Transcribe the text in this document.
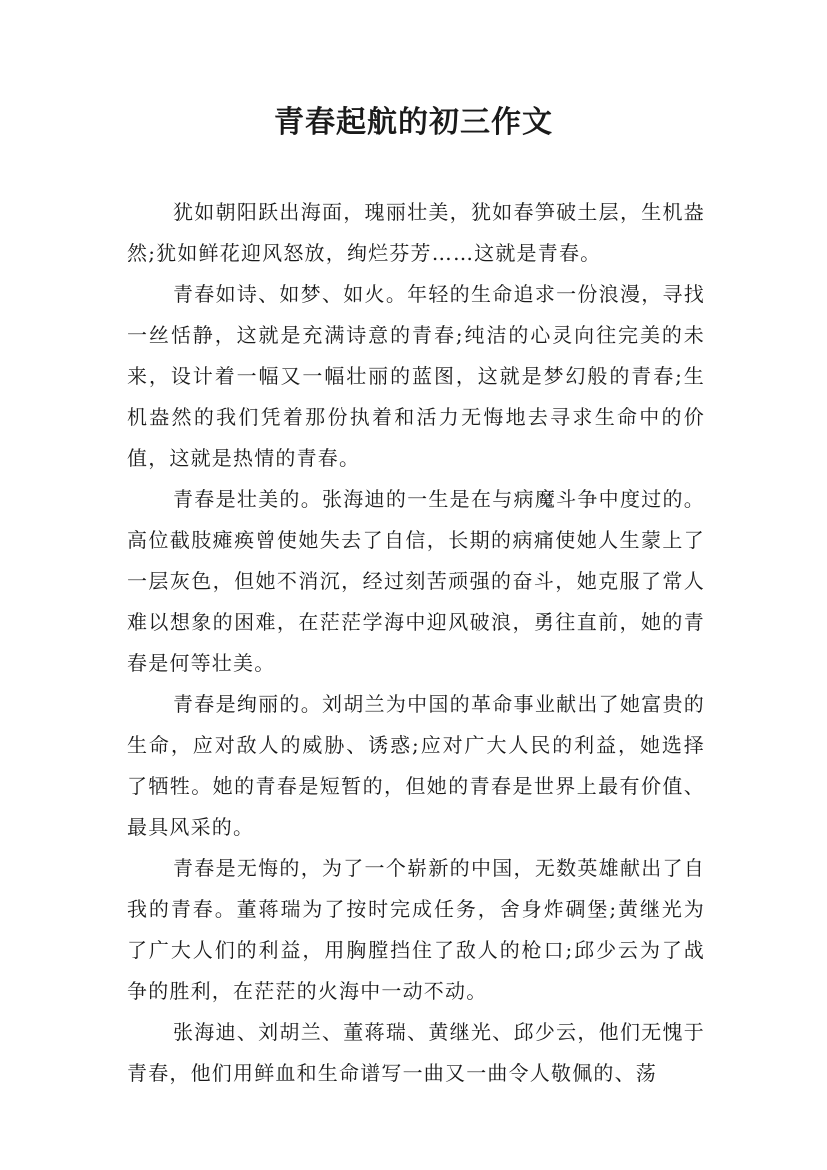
青春起航的初三作文

犹如朝阳跃出海面，瑰丽壮美，犹如春笋破土层，生机盎然;犹如鲜花迎风怒放，绚烂芬芳……这就是青春。

青春如诗、如梦、如火。年轻的生命追求一份浪漫，寻找一丝恬静，这就是充满诗意的青春;纯洁的心灵向往完美的未来，设计着一幅又一幅壮丽的蓝图，这就是梦幻般的青春;生机盎然的我们凭着那份执着和活力无悔地去寻求生命中的价值，这就是热情的青春。

青春是壮美的。张海迪的一生是在与病魔斗争中度过的。高位截肢瘫痪曾使她失去了自信，长期的病痛使她人生蒙上了一层灰色，但她不消沉，经过刻苦顽强的奋斗，她克服了常人难以想象的困难，在茫茫学海中迎风破浪，勇往直前，她的青春是何等壮美。

青春是绚丽的。刘胡兰为中国的革命事业献出了她富贵的生命，应对敌人的威胁、诱惑;应对广大人民的利益，她选择了牺牲。她的青春是短暂的，但她的青春是世界上最有价值、最具风采的。

青春是无悔的，为了一个崭新的中国，无数英雄献出了自我的青春。董蒋瑞为了按时完成任务，舍身炸碉堡;黄继光为了广大人们的利益，用胸膛挡住了敌人的枪口;邱少云为了战争的胜利，在茫茫的火海中一动不动。

张海迪、刘胡兰、董蒋瑞、黄继光、邱少云，他们无愧于青春，他们用鲜血和生命谱写一曲又一曲令人敬佩的、荡
